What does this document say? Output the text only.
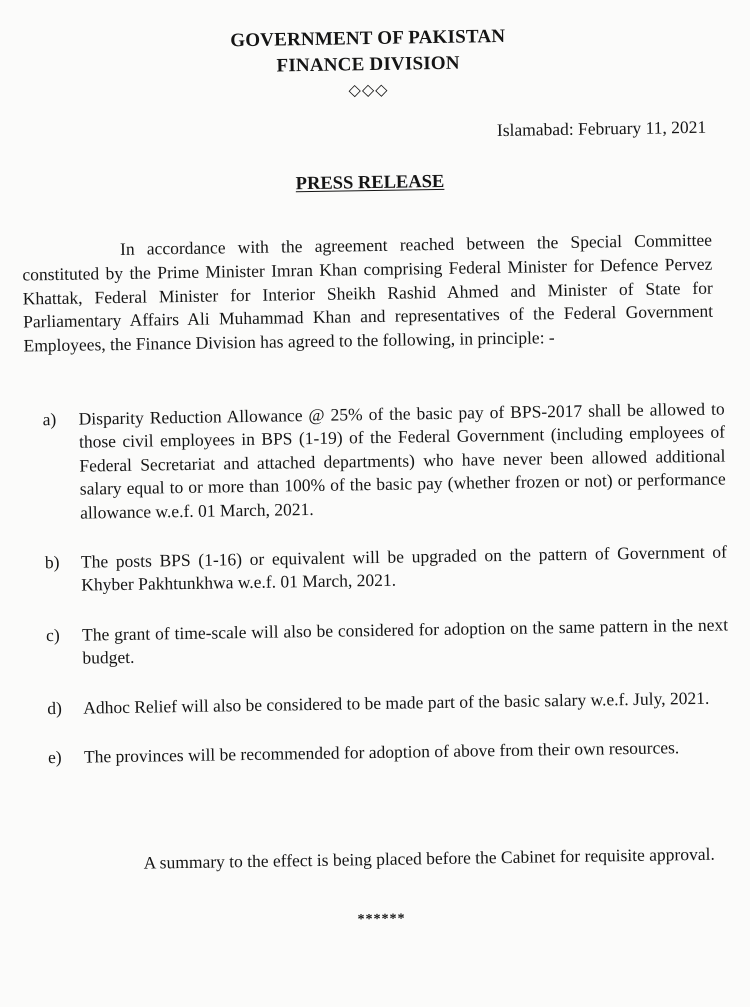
GOVERNMENT OF PAKISTAN
FINANCE DIVISION
◇◇◇
Islamabad: February 11, 2021
PRESS RELEASE

In accordance with the agreement reached between the Special Committee constituted by the Prime Minister Imran Khan comprising Federal Minister for Defence Pervez Khattak, Federal Minister for Interior Sheikh Rashid Ahmed and Minister of State for Parliamentary Affairs Ali Muhammad Khan and representatives of the Federal Government Employees, the Finance Division has agreed to the following, in principle: -

a)	Disparity Reduction Allowance @ 25% of the basic pay of BPS-2017 shall be allowed to those civil employees in BPS (1-19) of the Federal Government (including employees of Federal Secretariat and attached departments) who have never been allowed additional salary equal to or more than 100% of the basic pay (whether frozen or not) or performance allowance w.e.f. 01 March, 2021.
b)	The posts BPS (1-16) or equivalent will be upgraded on the pattern of Government of Khyber Pakhtunkhwa w.e.f. 01 March, 2021.
c)	The grant of time-scale will also be considered for adoption on the same pattern in the next budget.
d)	Adhoc Relief will also be considered to be made part of the basic salary w.e.f. July, 2021.
e)	The provinces will be recommended for adoption of above from their own resources.

A summary to the effect is being placed before the Cabinet for requisite approval.

******
